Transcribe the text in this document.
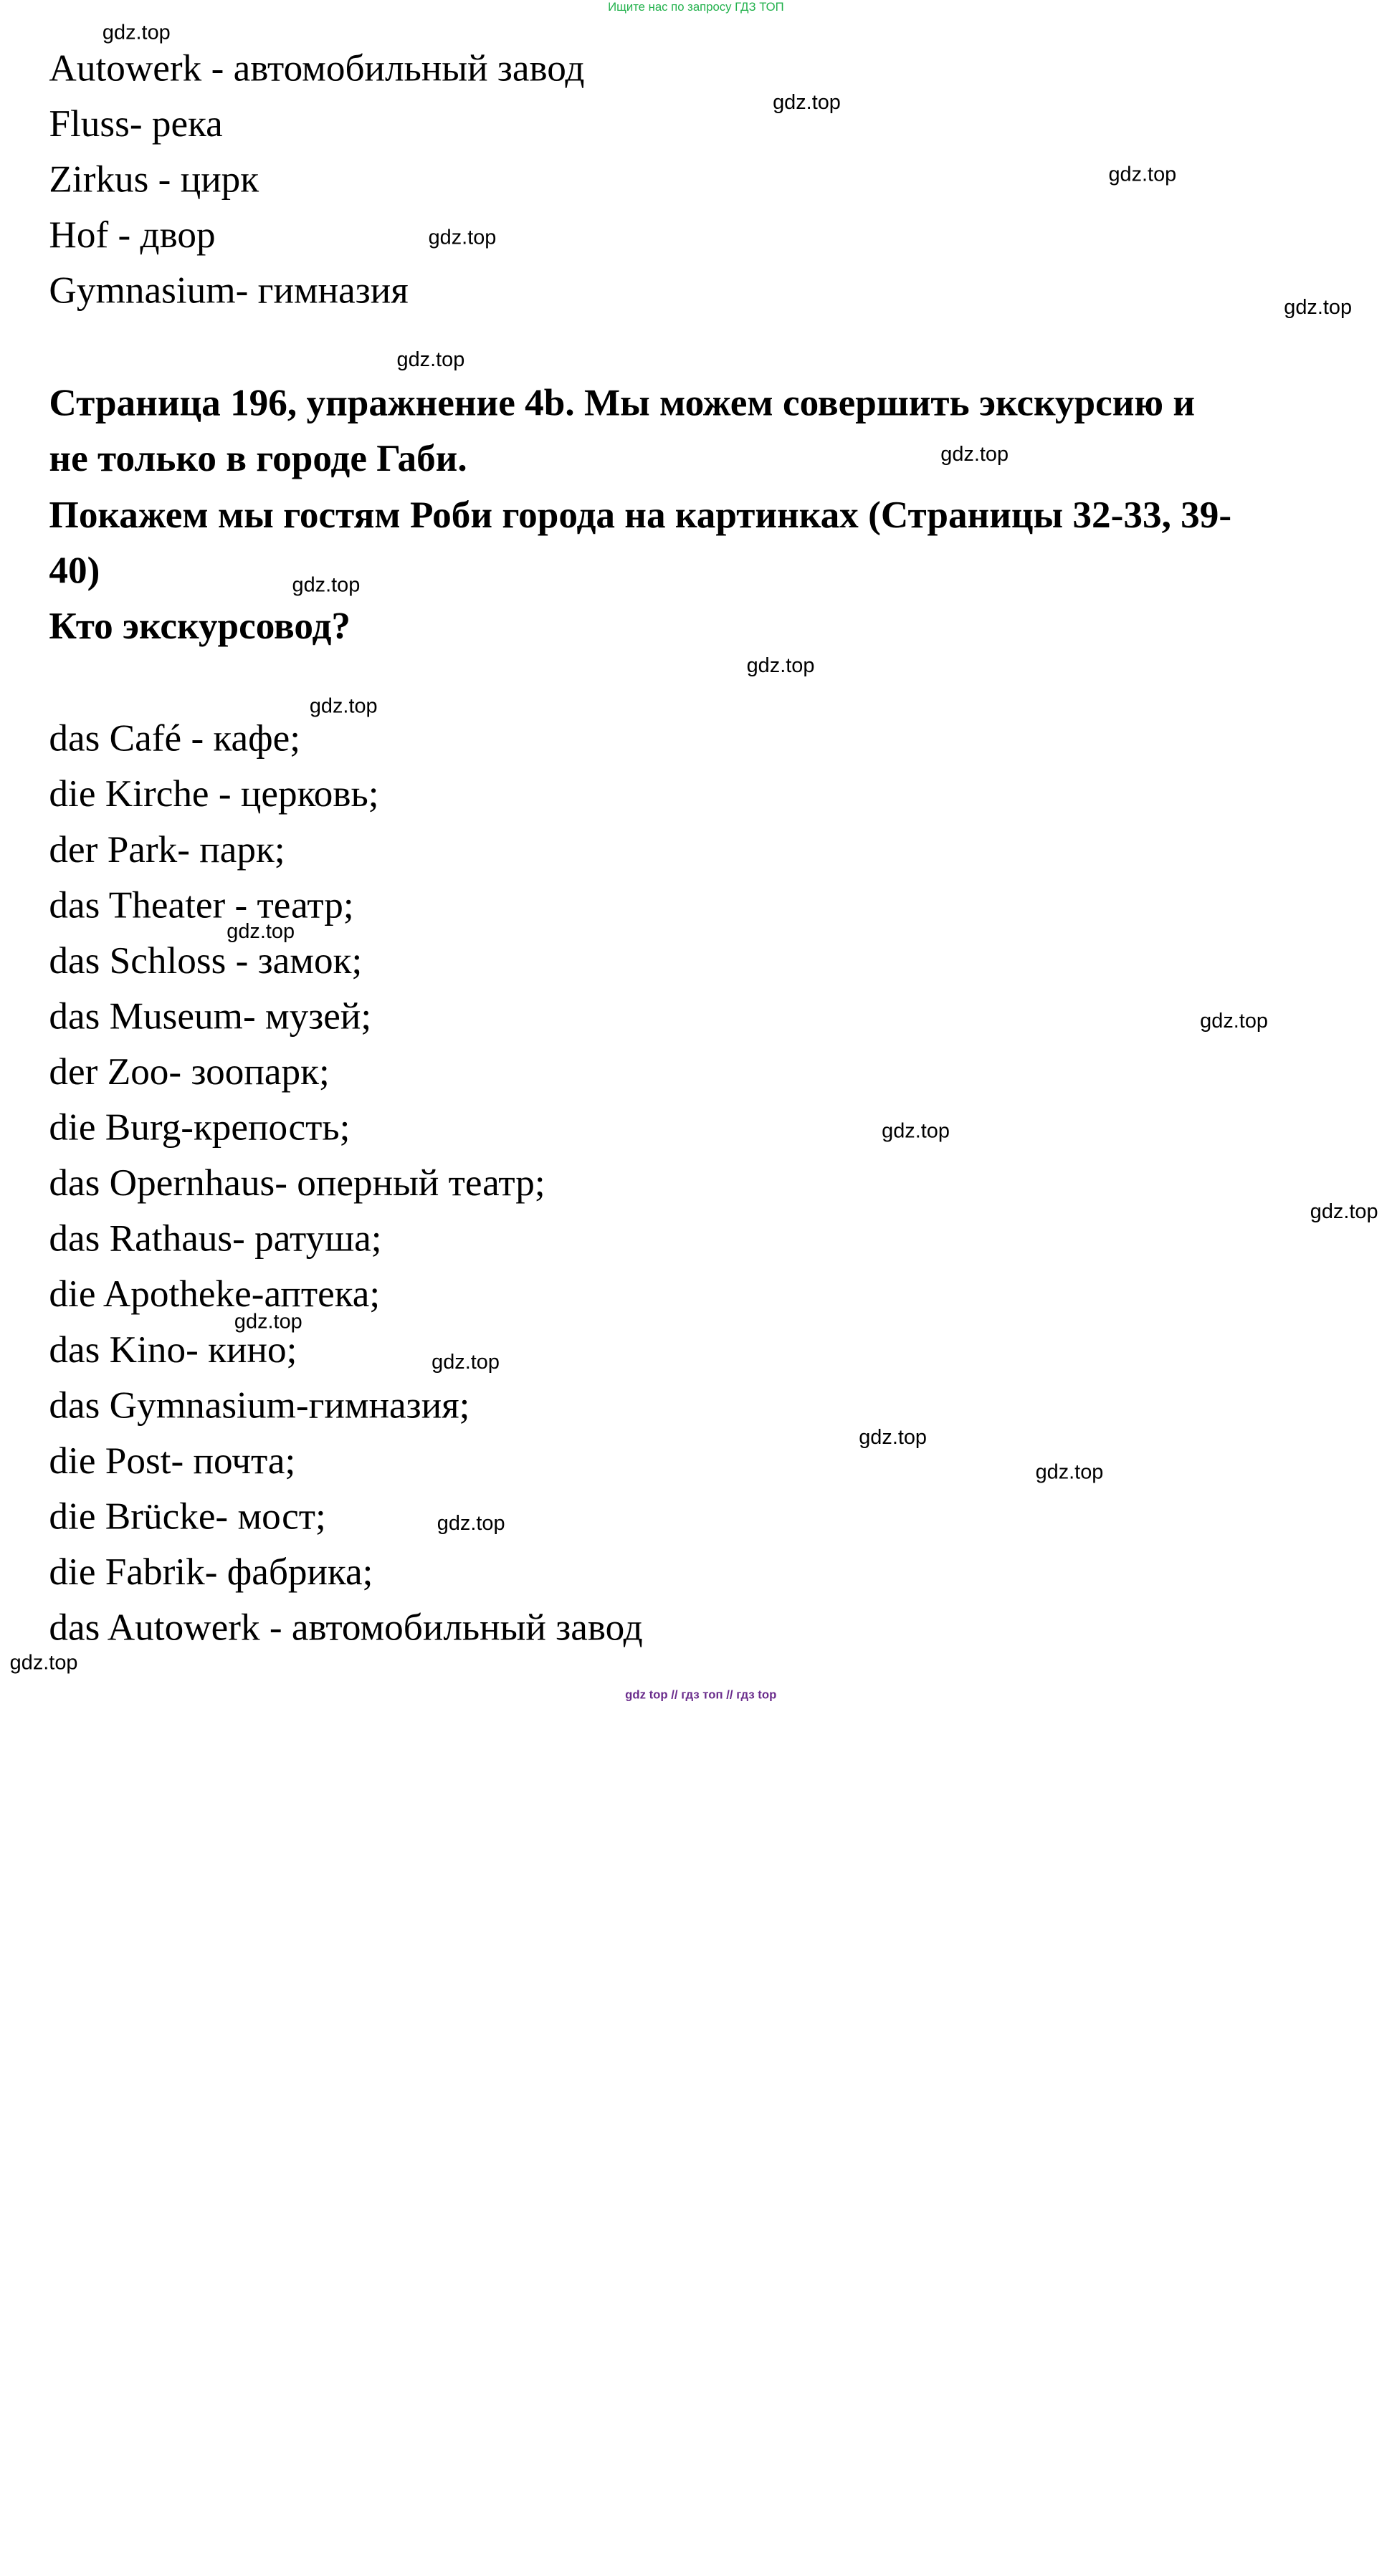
Ищите нас по запросу ГДЗ ТОП
Autowerk - автомобильный завод
Fluss- река
Zirkus - цирк
Hof - двор
Gymnasium- гимназия
Страница 196, упражнение 4b. Мы можем совершить экскурсию и
не только в городе Габи.
Покажем мы гостям Роби города на картинках (Страницы 32-33, 39-
40)
Кто экскурсовод?
das Café - кафе;
die Kirche - церковь;
der Park- парк;
das Theater - театр;
das Schloss - замок;
das Museum- музей;
der Zoo- зоопарк;
die Burg-крепость;
das Opernhaus- оперный театр;
das Rathaus- ратуша;
die Apotheke-аптека;
das Kino- кино;
das Gymnasium-гимназия;
die Post- почта;
die Brücke- мост;
die Fabrik- фабрика;
das Autowerk - автомобильный завод
gdz.top
gdz.top
gdz.top
gdz.top
gdz.top
gdz.top
gdz.top
gdz.top
gdz.top
gdz.top
gdz.top
gdz.top
gdz.top
gdz.top
gdz.top
gdz.top
gdz.top
gdz.top
gdz.top
gdz.top
gdz top // гдз топ // гдз top
